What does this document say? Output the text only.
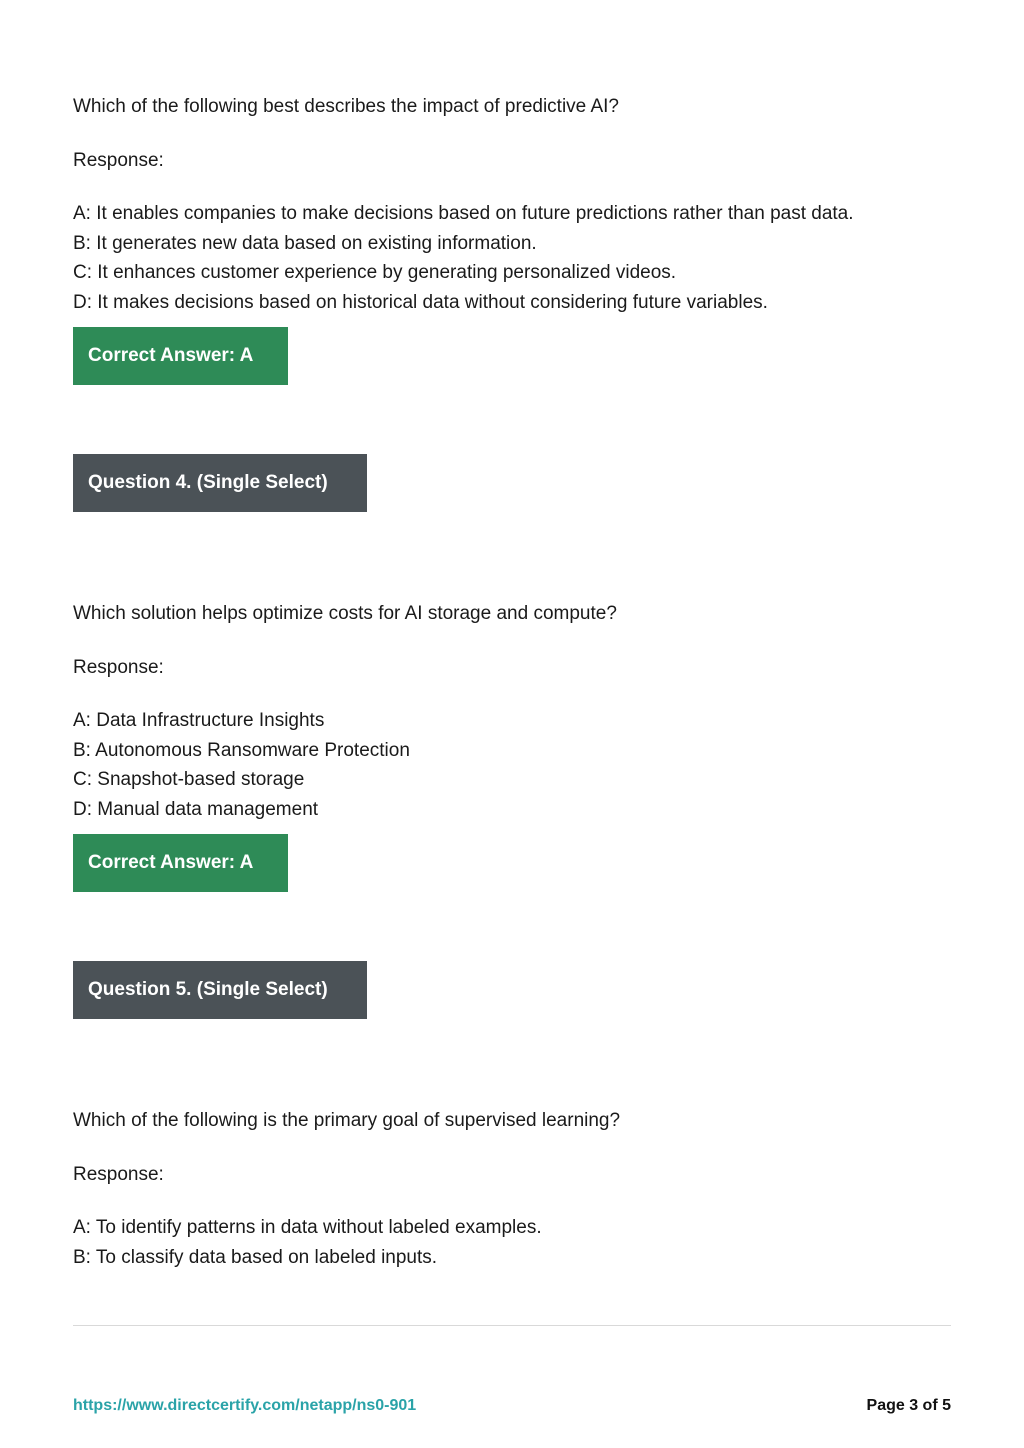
Which of the following best describes the impact of predictive AI?
Response:
A: It enables companies to make decisions based on future predictions rather than past data.
B: It generates new data based on existing information.
C: It enhances customer experience by generating personalized videos.
D: It makes decisions based on historical data without considering future variables.
Correct Answer: A
Question 4. (Single Select)
Which solution helps optimize costs for AI storage and compute?
Response:
A: Data Infrastructure Insights
B: Autonomous Ransomware Protection
C: Snapshot-based storage
D: Manual data management
Correct Answer: A
Question 5. (Single Select)
Which of the following is the primary goal of supervised learning?
Response:
A: To identify patterns in data without labeled examples.
B: To classify data based on labeled inputs.
https://www.directcertify.com/netapp/ns0-901	Page 3 of 5
